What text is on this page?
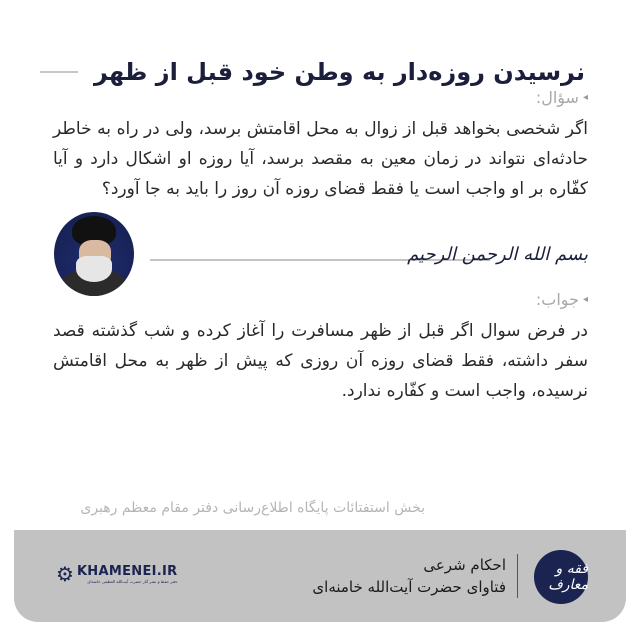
نرسیدن روزه‌دار به وطن خود قبل از ظهر
◂
سؤال:
اگر شخصی بخواهد قبل از زوال به محل اقامتش برسد، ولی در راه به خاطر حادثه‌ای نتواند در زمان معین به مقصد برسد، آیا روزه او اشکال دارد و آیا کفّاره بر او واجب است یا فقط قضای روزه آن روز را باید به جا آورد؟
بسم الله الرحمن الرحیم
◂
جواب:
در فرض سوال اگر قبل از ظهر مسافرت را آغاز کرده و شب گذشته قصد سفر داشته، فقط قضای روزه آن روزی که پیش از ظهر به محل اقامتش نرسیده، واجب است و کفّاره ندارد.
بخش استفتائات پایگاه اطلاع‌رسانی دفتر مقام معظم رهبری
فقه و معارف
احکام شرعی
فتاوای حضرت آیت‌الله خامنه‌ای
⚙ KHAMENEI.IR
دفتر حفظ و نشر آثار حضرت آیت‌الله العظمی خامنه‌ای
